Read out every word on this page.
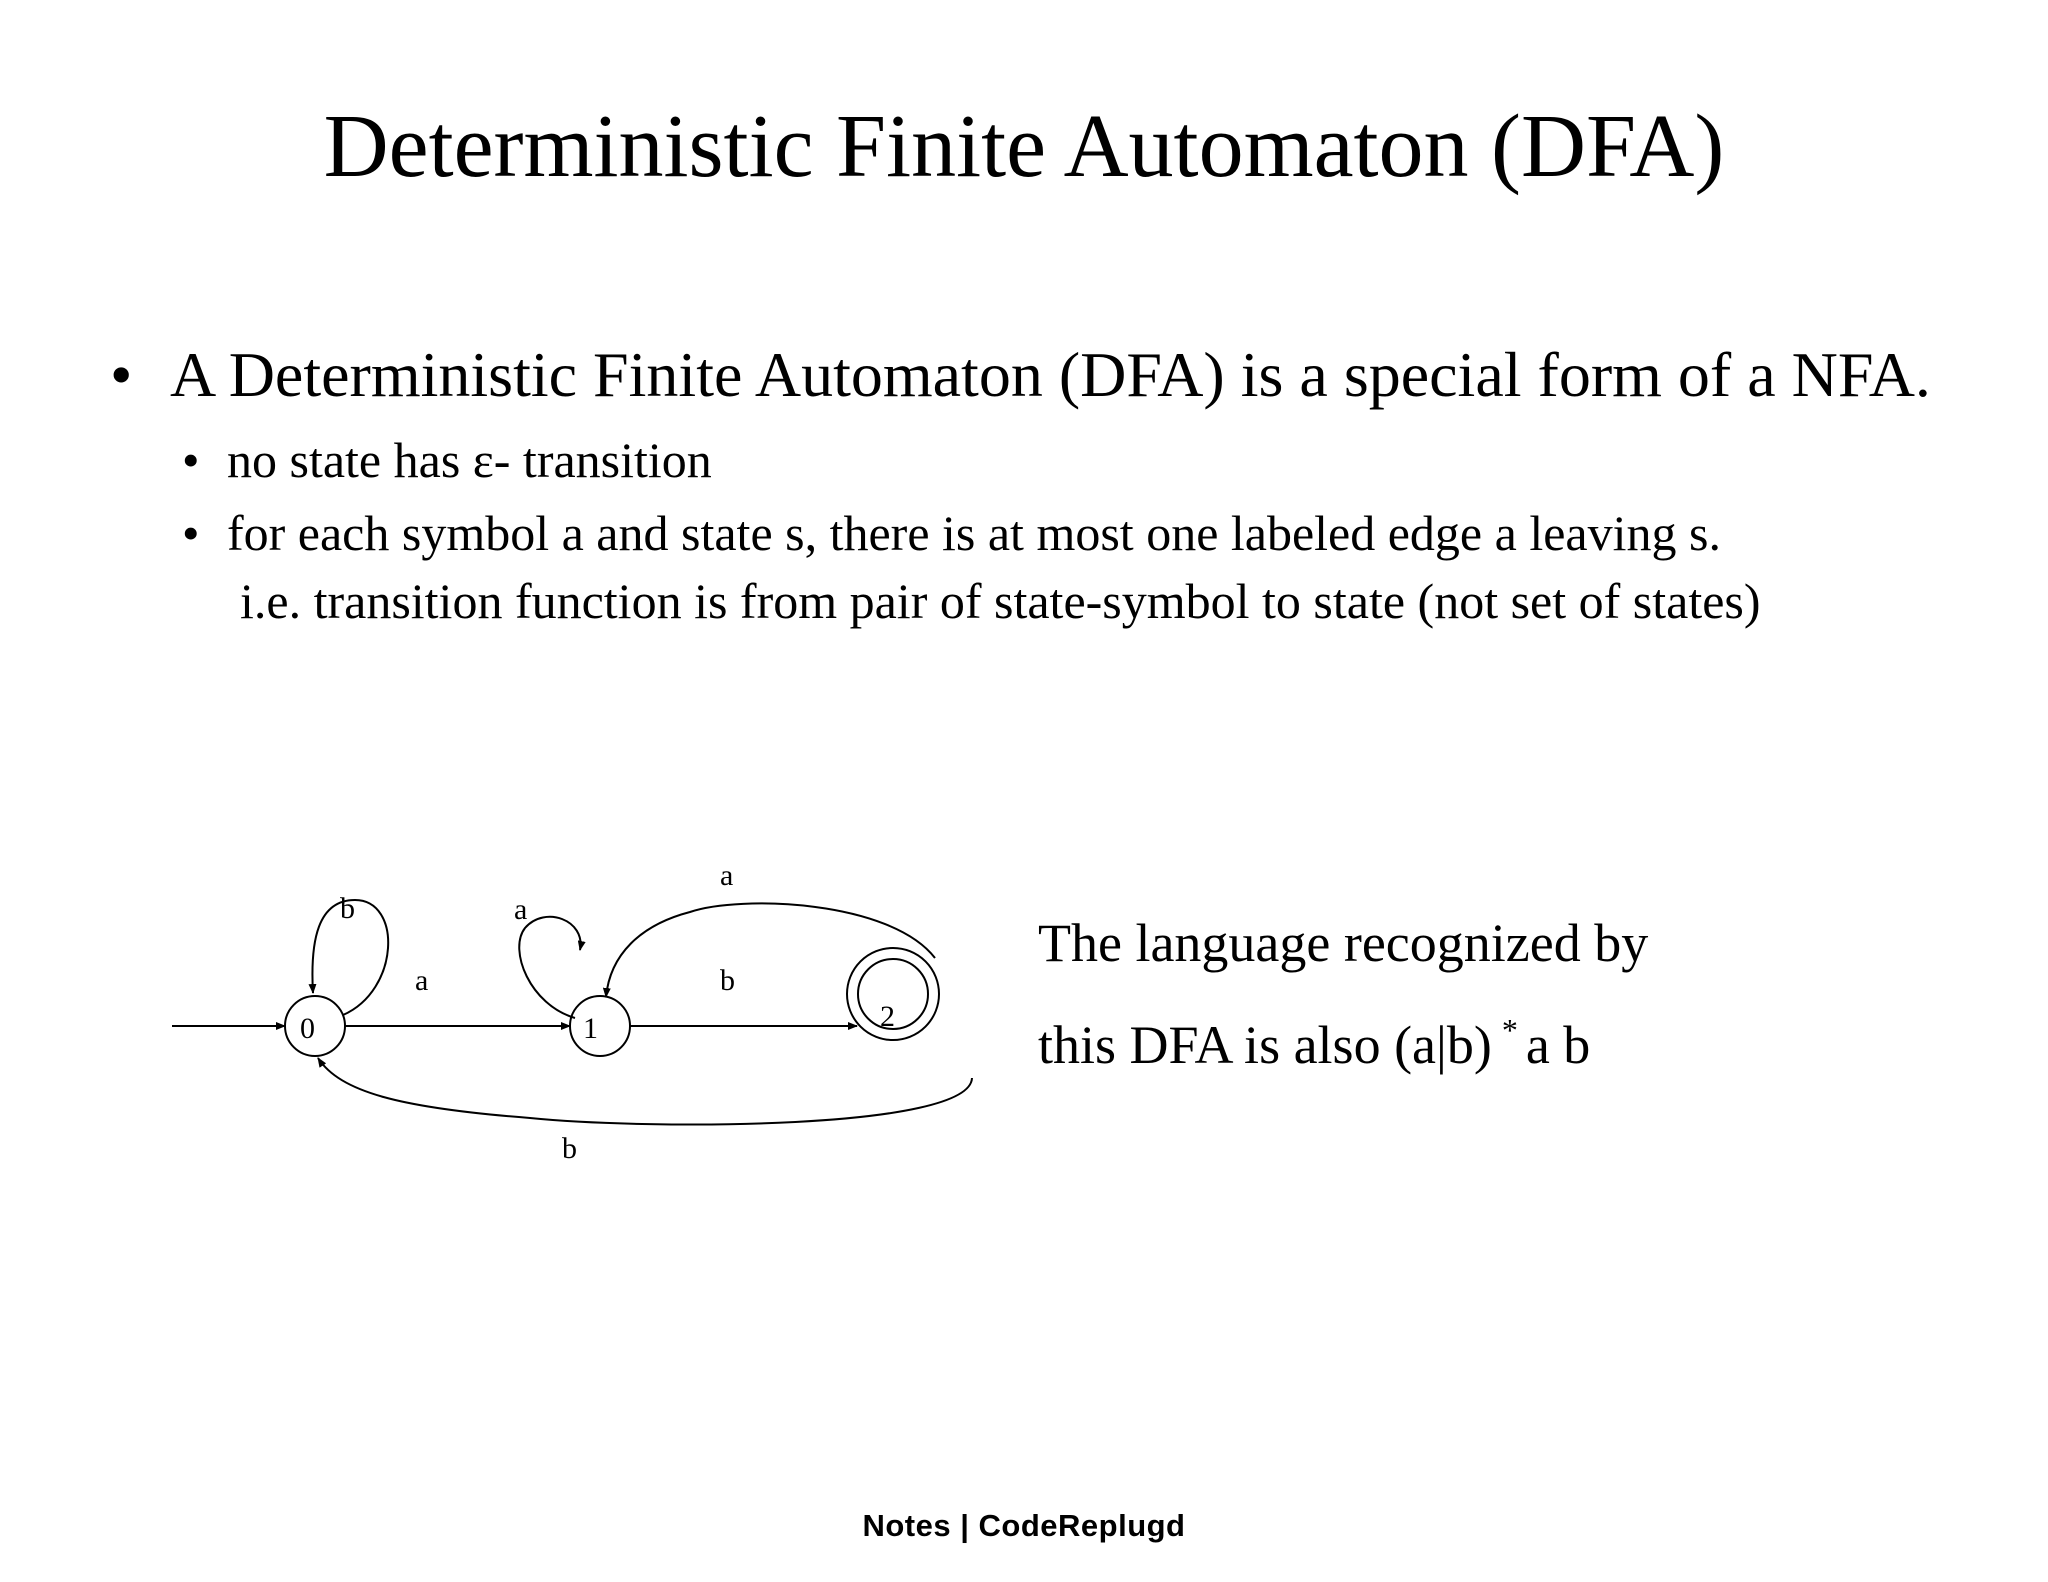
Deterministic Finite Automaton (DFA)
• A Deterministic Finite Automaton (DFA) is a special form of a NFA.
• no state has ε- transition
• for each symbol a and state s, there is at most one labeled edge a leaving s.
i.e. transition function is from pair of state-symbol to state (not set of states)
0	1	2
b
a
a
b
a
b
The language recognized by
this DFA is also (a|b) * a b
Notes | CodeReplugd
